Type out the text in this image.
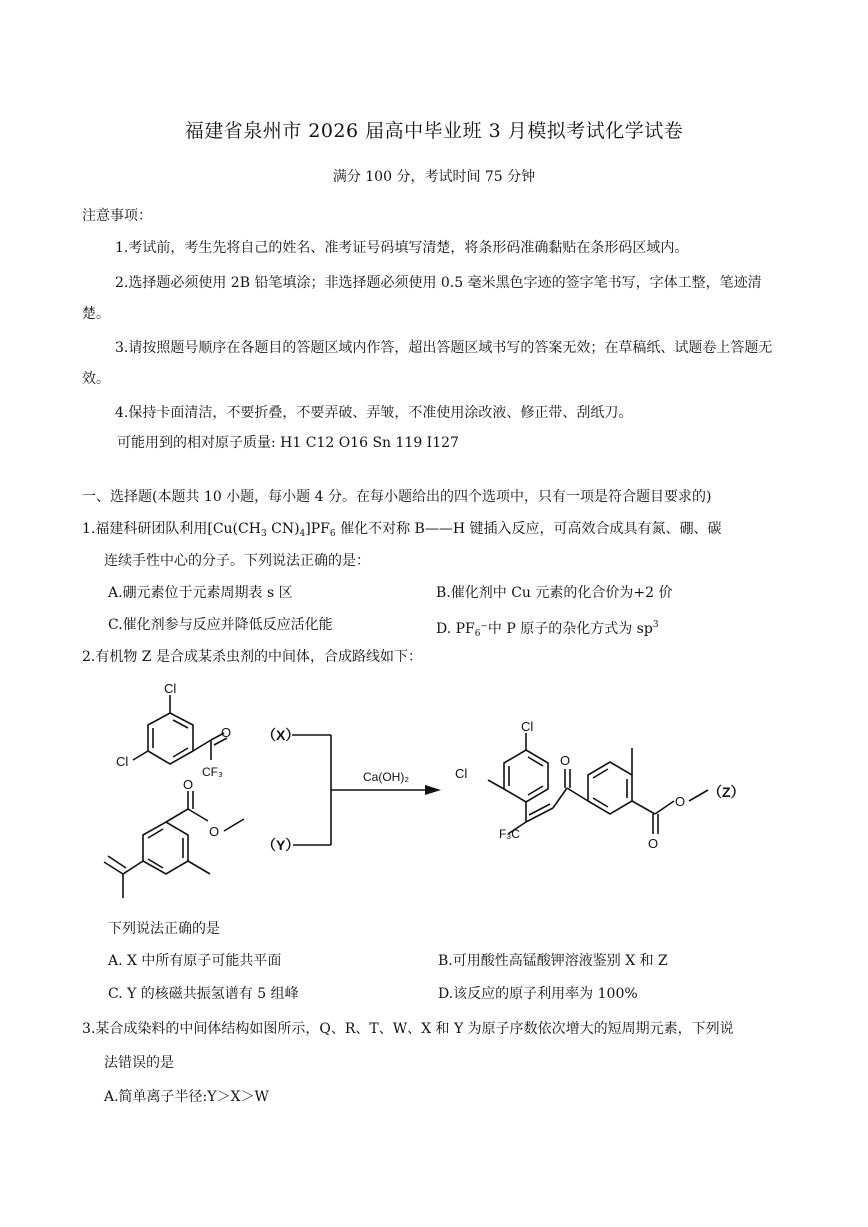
福建省泉州市 2026 届高中毕业班 3 月模拟考试化学试卷
满分 100 分，考试时间 75 分钟
注意事项：
1.考试前，考生先将自己的姓名、准考证号码填写清楚，将条形码准确黏贴在条形码区域内。
2.选择题必须使用 2B 铅笔填涂；非选择题必须使用 0.5 毫米黑色字迹的签字笔书写，字体工整，笔迹清楚。
3.请按照题号顺序在各题目的答题区域内作答，超出答题区域书写的答案无效；在草稿纸、试题卷上答题无效。
4.保持卡面清洁，不要折叠，不要弄破、弄皱，不准使用涂改液、修正带、刮纸刀。
可能用到的相对原子质量: H1 C12 O16 Sn 119 I127
一、选择题(本题共 10 小题，每小题 4 分。在每小题给出的四个选项中，只有一项是符合题目要求的)
1.福建科研团队利用[$Cu(CH_3$ $CN)_4]PF_6$ 催化不对称 B——H 键插入反应，可高效合成具有氮、硼、碳
连续手性中心的分子。下列说法正确的是：
A.硼元素位于元素周期表 s 区	B.催化剂中 Cu 元素的化合价为+2 价
C.催化剂参与反应并降低反应活化能	D. $PF_6^-$中 P 原子的杂化方式为 $sp^3$
2.有机物 Z 是合成某杀虫剂的中间体，合成路线如下：
Cl
Cl
O
CF₃
O
O
（X）
（Y）
Ca(OH)₂
Cl
Cl
F₃C
O
O
O
（Z）
下列说法正确的是
A. X 中所有原子可能共平面	B.可用酸性高锰酸钾溶液鉴别 X 和 Z
C. Y 的核磁共振氢谱有 5 组峰	D.该反应的原子利用率为 100%
3.某合成染料的中间体结构如图所示，Q、R、T、W、X 和 Y 为原子序数依次增大的短周期元素，下列说
法错误的是
A.简单离子半径:Y＞X＞W
